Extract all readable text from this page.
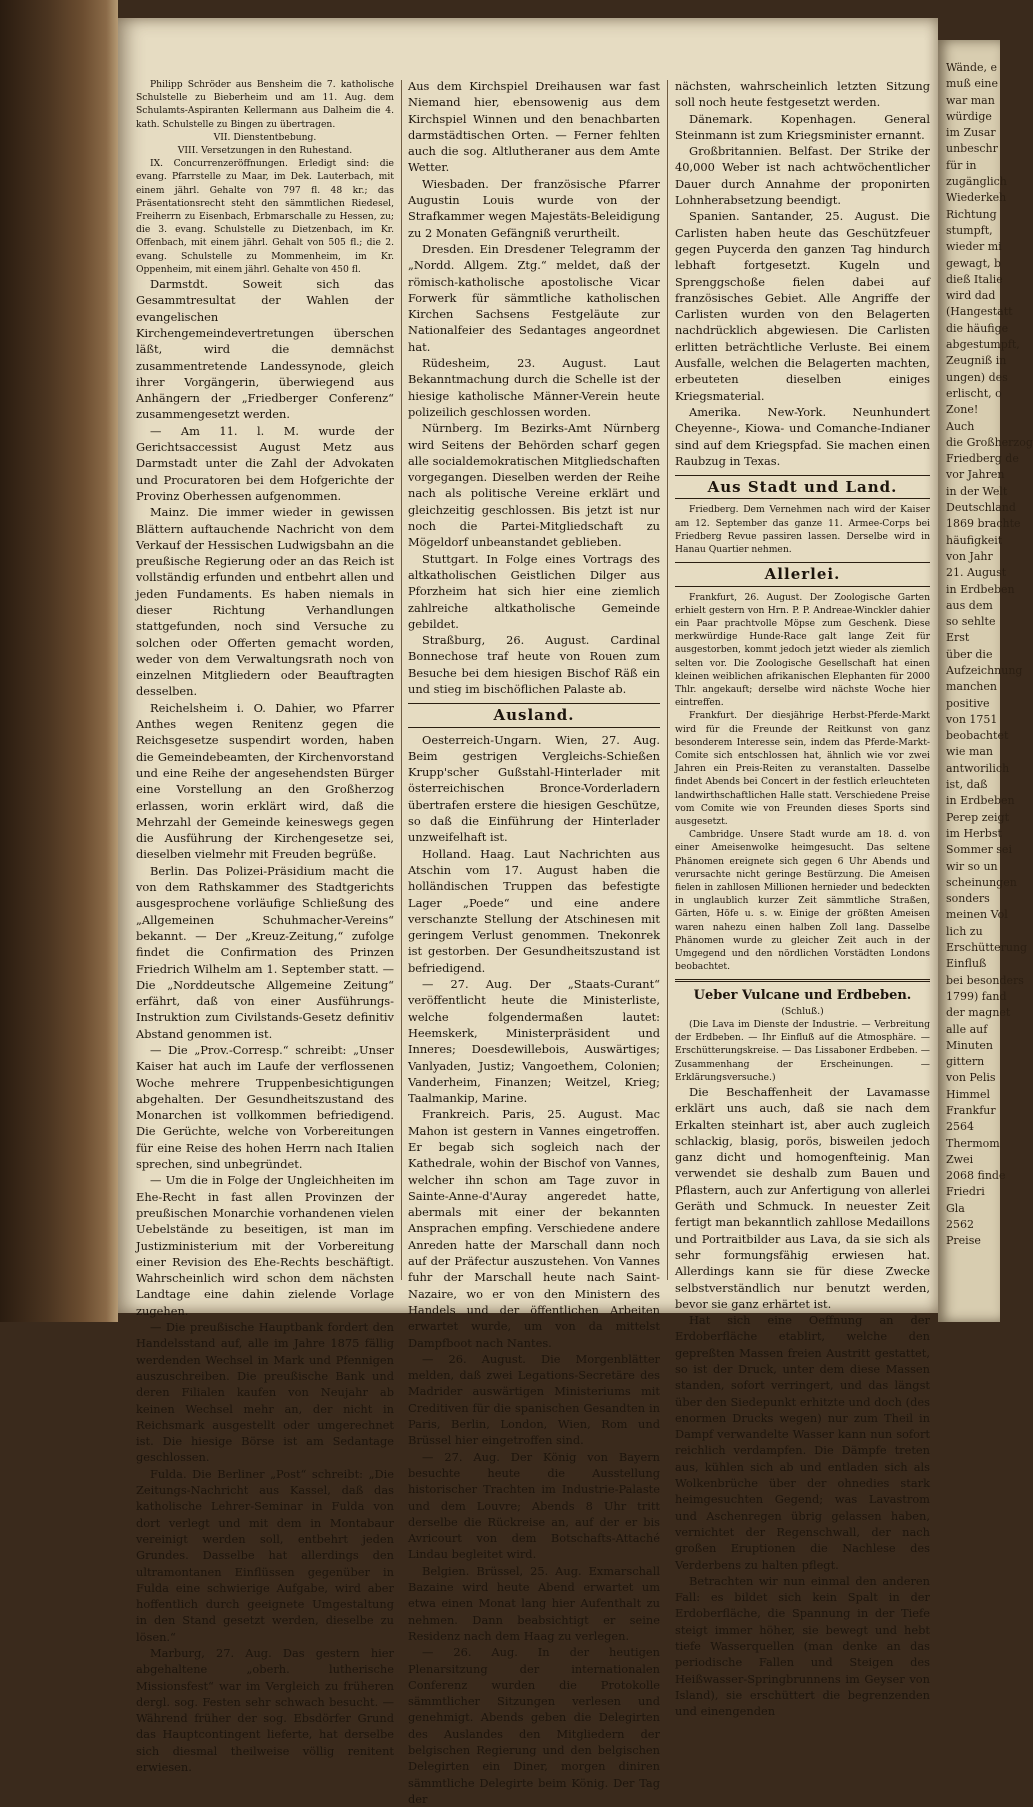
Philipp Schröder aus Bensheim die 7. katholische Schulstelle zu Bieberheim und am 11. Aug. dem Schulamts-Aspiranten Kellermann aus Dalheim die 4. kath. Schulstelle zu Bingen zu übertragen.

VII. Dienstentbebung.

VIII. Versetzungen in den Ruhestand.

IX. Concurrenzeröffnungen. Erledigt sind: die evang. Pfarrstelle zu Maar, im Dek. Lauterbach, mit einem jährl. Gehalte von 797 fl. 48 kr.; das Präsentationsrecht steht den sämmtlichen Riedesel, Freiherrn zu Eisenbach, Erbmarschalle zu Hessen, zu; die 3. evang. Schulstelle zu Dietzenbach, im Kr. Offenbach, mit einem jährl. Gehalt von 505 fl.; die 2. evang. Schulstelle zu Mommenheim, im Kr. Oppenheim, mit einem jährl. Gehalte von 450 fl.

Darmstdt. Soweit sich das Gesammtresultat der Wahlen der evangelischen Kirchengemeindevertretungen überschen läßt, wird die demnächst zusammentretende Landessynode, gleich ihrer Vorgängerin, überwiegend aus Anhängern der „Friedberger Conferenz“ zusammengesetzt werden.

— Am 11. l. M. wurde der Gerichtsaccessist August Metz aus Darmstadt unter die Zahl der Advokaten und Procuratoren bei dem Hofgerichte der Provinz Oberhessen aufgenommen.

Mainz. Die immer wieder in gewissen Blättern auftauchende Nachricht von dem Verkauf der Hessischen Ludwigsbahn an die preußische Regierung oder an das Reich ist vollständig erfunden und entbehrt allen und jeden Fundaments. Es haben niemals in dieser Richtung Verhandlungen stattgefunden, noch sind Versuche zu solchen oder Offerten gemacht worden, weder von dem Verwaltungsrath noch von einzelnen Mitgliedern oder Beauftragten desselben.

Reichelsheim i. O. Dahier, wo Pfarrer Anthes wegen Renitenz gegen die Reichsgesetze suspendirt worden, haben die Gemeindebeamten, der Kirchenvorstand und eine Reihe der angesehendsten Bürger eine Vorstellung an den Großherzog erlassen, worin erklärt wird, daß die Mehrzahl der Gemeinde keineswegs gegen die Ausführung der Kirchengesetze sei, dieselben vielmehr mit Freuden begrüße.

Berlin. Das Polizei-Präsidium macht die von dem Rathskammer des Stadtgerichts ausgesprochene vorläufige Schließung des „Allgemeinen Schuhmacher-Vereins“ bekannt. — Der „Kreuz-Zeitung,“ zufolge findet die Confirmation des Prinzen Friedrich Wilhelm am 1. September statt. — Die „Norddeutsche Allgemeine Zeitung“ erfährt, daß von einer Ausführungs-Instruktion zum Civilstands-Gesetz definitiv Abstand genommen ist.

— Die „Prov.-Corresp.“ schreibt: „Unser Kaiser hat auch im Laufe der verflossenen Woche mehrere Truppenbesichtigungen abgehalten. Der Gesundheitszustand des Monarchen ist vollkommen befriedigend. Die Gerüchte, welche von Vorbereitungen für eine Reise des hohen Herrn nach Italien sprechen, sind unbegründet.

— Um die in Folge der Ungleichheiten im Ehe-Recht in fast allen Provinzen der preußischen Monarchie vorhandenen vielen Uebelstände zu beseitigen, ist man im Justizministerium mit der Vorbereitung einer Revision des Ehe-Rechts beschäftigt. Wahrscheinlich wird schon dem nächsten Landtage eine dahin zielende Vorlage zugehen.

— Die preußische Hauptbank fordert den Handelsstand auf, alle im Jahre 1875 fällig werdenden Wechsel in Mark und Pfennigen auszuschreiben. Die preußische Bank und deren Filialen kaufen von Neujahr ab keinen Wechsel mehr an, der nicht in Reichsmark ausgestellt oder umgerechnet ist. Die hiesige Börse ist am Sedantage geschlossen.

Fulda. Die Berliner „Post“ schreibt: „Die Zeitungs-Nachricht aus Kassel, daß das katholische Lehrer-Seminar in Fulda von dort verlegt und mit dem in Montabaur vereinigt werden soll, entbehrt jeden Grundes. Dasselbe hat allerdings den ultramontanen Einflüssen gegenüber in Fulda eine schwierige Aufgabe, wird aber hoffentlich durch geeignete Umgestaltung in den Stand gesetzt werden, dieselbe zu lösen.“

Marburg, 27. Aug. Das gestern hier abgehaltene „oberh. lutherische Missionsfest“ war im Vergleich zu früheren dergl. sog. Festen sehr schwach besucht. — Während früher der sog. Ebsdörfer Grund das Hauptcontingent lieferte, hat derselbe sich diesmal theilweise völlig renitent erwiesen.

Aus dem Kirchspiel Dreihausen war fast Niemand hier, ebensowenig aus dem Kirchspiel Winnen und den benachbarten darmstädtischen Orten. — Ferner fehlten auch die sog. Altlutheraner aus dem Amte Wetter.

Wiesbaden. Der französische Pfarrer Augustin Louis wurde von der Strafkammer wegen Majestäts-Beleidigung zu 2 Monaten Gefängniß verurtheilt.

Dresden. Ein Dresdener Telegramm der „Nordd. Allgem. Ztg.“ meldet, daß der römisch-katholische apostolische Vicar Forwerk für sämmtliche katholischen Kirchen Sachsens Festgeläute zur Nationalfeier des Sedantages angeordnet hat.

Rüdesheim, 23. August. Laut Bekanntmachung durch die Schelle ist der hiesige katholische Männer-Verein heute polizeilich geschlossen worden.

Nürnberg. Im Bezirks-Amt Nürnberg wird Seitens der Behörden scharf gegen alle socialdemokratischen Mitgliedschaften vorgegangen. Dieselben werden der Reihe nach als politische Vereine erklärt und gleichzeitig geschlossen. Bis jetzt ist nur noch die Partei-Mitgliedschaft zu Mögeldorf unbeanstandet geblieben.

Stuttgart. In Folge eines Vortrags des altkatholischen Geistlichen Dilger aus Pforzheim hat sich hier eine ziemlich zahlreiche altkatholische Gemeinde gebildet.

Straßburg, 26. August. Cardinal Bonnechose traf heute von Rouen zum Besuche bei dem hiesigen Bischof Räß ein und stieg im bischöflichen Palaste ab.

Ausland.

Oesterreich-Ungarn. Wien, 27. Aug. Beim gestrigen Vergleichs-Schießen Krupp'scher Gußstahl-Hinterlader mit österreichischen Bronce-Vorderladern übertrafen erstere die hiesigen Geschütze, so daß die Einführung der Hinterlader unzweifelhaft ist.

Holland. Haag. Laut Nachrichten aus Atschin vom 17. August haben die holländischen Truppen das befestigte Lager „Poede“ und eine andere verschanzte Stellung der Atschinesen mit geringem Verlust genommen. Tnekonrek ist gestorben. Der Gesundheitszustand ist befriedigend.

— 27. Aug. Der „Staats-Curant“ veröffentlicht heute die Ministerliste, welche folgendermaßen lautet: Heemskerk, Ministerpräsident und Inneres; Doesdewillebois, Auswärtiges; Vanlyaden, Justiz; Vangoethem, Colonien; Vanderheim, Finanzen; Weitzel, Krieg; Taalmankip, Marine.

Frankreich. Paris, 25. August. Mac Mahon ist gestern in Vannes eingetroffen. Er begab sich sogleich nach der Kathedrale, wohin der Bischof von Vannes, welcher ihn schon am Tage zuvor in Sainte-Anne-d'Auray angeredet hatte, abermals mit einer der bekannten Ansprachen empfing. Verschiedene andere Anreden hatte der Marschall dann noch auf der Präfectur auszustehen. Von Vannes fuhr der Marschall heute nach Saint-Nazaire, wo er von den Ministern des Handels und der öffentlichen Arbeiten erwartet wurde, um von da mittelst Dampfboot nach Nantes.

— 26. August. Die Morgenblätter melden, daß zwei Legations-Secretäre des Madrider auswärtigen Ministeriums mit Creditiven für die spanischen Gesandten in Paris, Berlin, London, Wien, Rom und Brüssel hier eingetroffen sind.

— 27. Aug. Der König von Bayern besuchte heute die Ausstellung historischer Trachten im Industrie-Palaste und dem Louvre; Abends 8 Uhr tritt derselbe die Rückreise an, auf der er bis Avricourt von dem Botschafts-Attaché Lindau begleitet wird.

Belgien. Brüssel, 25. Aug. Exmarschall Bazaine wird heute Abend erwartet um etwa einen Monat lang hier Aufenthalt zu nehmen. Dann beabsichtigt er seine Residenz nach dem Haag zu verlegen.

— 26. Aug. In der heutigen Plenarsitzung der internationalen Conferenz wurden die Protokolle sämmtlicher Sitzungen verlesen und genehmigt. Abends geben die Delegirten des Auslandes den Mitgliedern der belgischen Regierung und den belgischen Delegirten ein Diner, morgen diniren sämmtliche Delegirte beim König. Der Tag der

nächsten, wahrscheinlich letzten Sitzung soll noch heute festgesetzt werden.

Dänemark. Kopenhagen. General Steinmann ist zum Kriegsminister ernannt.

Großbritannien. Belfast. Der Strike der 40,000 Weber ist nach achtwöchentlicher Dauer durch Annahme der proponirten Lohnherabsetzung beendigt.

Spanien. Santander, 25. August. Die Carlisten haben heute das Geschützfeuer gegen Puycerda den ganzen Tag hindurch lebhaft fortgesetzt. Kugeln und Sprenggschoße fielen dabei auf französisches Gebiet. Alle Angriffe der Carlisten wurden von den Belagerten nachdrücklich abgewiesen. Die Carlisten erlitten beträchtliche Verluste. Bei einem Ausfalle, welchen die Belagerten machten, erbeuteten dieselben einiges Kriegsmaterial.

Amerika. New-York. Neunhundert Cheyenne-, Kiowa- und Comanche-Indianer sind auf dem Kriegspfad. Sie machen einen Raubzug in Texas.

Aus Stadt und Land.

Friedberg. Dem Vernehmen nach wird der Kaiser am 12. September das ganze 11. Armee-Corps bei Friedberg Revue passiren lassen. Derselbe wird in Hanau Quartier nehmen.

Allerlei.

Frankfurt, 26. August. Der Zoologische Garten erhielt gestern von Hrn. P. P. Andreae-Winckler dahier ein Paar prachtvolle Möpse zum Geschenk. Diese merkwürdige Hunde-Race galt lange Zeit für ausgestorben, kommt jedoch jetzt wieder als ziemlich selten vor. Die Zoologische Gesellschaft hat einen kleinen weiblichen afrikanischen Elephanten für 2000 Thlr. angekauft; derselbe wird nächste Woche hier eintreffen.

Frankfurt. Der diesjährige Herbst-Pferde-Markt wird für die Freunde der Reitkunst von ganz besonderem Interesse sein, indem das Pferde-Markt-Comite sich entschlossen hat, ähnlich wie vor zwei Jahren ein Preis-Reiten zu veranstalten. Dasselbe findet Abends bei Concert in der festlich erleuchteten landwirthschaftlichen Halle statt. Verschiedene Preise vom Comite wie von Freunden dieses Sports sind ausgesetzt.

Cambridge. Unsere Stadt wurde am 18. d. von einer Ameisenwolke heimgesucht. Das seltene Phänomen ereignete sich gegen 6 Uhr Abends und verursachte nicht geringe Bestürzung. Die Ameisen fielen in zahllosen Millionen hernieder und bedeckten in unglaublich kurzer Zeit sämmtliche Straßen, Gärten, Höfe u. s. w. Einige der größten Ameisen waren nahezu einen halben Zoll lang. Dasselbe Phänomen wurde zu gleicher Zeit auch in der Umgegend und den nördlichen Vorstädten Londons beobachtet.

Ueber Vulcane und Erdbeben.

(Schluß.)

(Die Lava im Dienste der Industrie. — Verbreitung der Erdbeben. — Ihr Einfluß auf die Atmosphäre. — Erschütterungskreise. — Das Lissaboner Erdbeben. — Zusammenhang der Erscheinungen. — Erklärungsversuche.)

Die Beschaffenheit der Lavamasse erklärt uns auch, daß sie nach dem Erkalten steinhart ist, aber auch zugleich schlackig, blasig, porös, bisweilen jedoch ganz dicht und homogenfteinig. Man verwendet sie deshalb zum Bauen und Pflastern, auch zur Anfertigung von allerlei Geräth und Schmuck. In neuester Zeit fertigt man bekanntlich zahllose Medaillons und Portraitbilder aus Lava, da sie sich als sehr formungsfähig erwiesen hat. Allerdings kann sie für diese Zwecke selbstverständlich nur benutzt werden, bevor sie ganz erhärtet ist.

Hat sich eine Oeffnung an der Erdoberfläche etablirt, welche den gepreßten Massen freien Austritt gestattet, so ist der Druck, unter dem diese Massen standen, sofort verringert, und das längst über den Siedepunkt erhitzte und doch (des enormen Drucks wegen) nur zum Theil in Dampf verwandelte Wasser kann nun sofort reichlich verdampfen. Die Dämpfe treten aus, kühlen sich ab und entladen sich als Wolkenbrüche über der ohnedies stark heimgesuchten Gegend; was Lavastrom und Aschenregen übrig gelassen haben, vernichtet der Regenschwall, der nach großen Eruptionen die Nachlese des Verderbens zu halten pflegt.

Betrachten wir nun einmal den anderen Fall: es bildet sich kein Spalt in der Erdoberfläche, die Spannung in der Tiefe steigt immer höher, sie bewegt und hebt tiefe Wasserquellen (man denke an das periodische Fallen und Steigen des Heißwasser-Springbrunnens im Geyser von Island), sie erschüttert die begrenzenden und einengenden

Wände, e
muß eine
war man
würdige
im Zusar
unbeschr
für in
zugänglich
Wiederkeh
Richtung
stumpft,
wieder mi
gewagt, b
dieß Italie
wird dad
(Hangestatt
die häufige
abgestumpft,
Zeugniß in
ungen) des
erlischt, o
Zone!
Auch
die Großherzog
Friedberg de
vor Jahren
in der Welt
Deutschland
1869 brachte
häufigkeit
von Jahr
21. August
in Erdbeben
aus dem
so sehlte
Erst
über die
Aufzeichnung
manchen
positive
von 1751
beobachtet
wie man
antworilich
ist, daß
in Erdbeben
Perep zeigt
im Herbst
Sommer sei
wir so un
scheinungen
sonders
meinen Vol
lich zu
Erschütterung
Einfluß
bei besonders
1799) fand
der magnet
alle auf
Minuten
gittern
von Pelis
Himmel
Frankfur
2564
Thermom
Zwei
2068 finde
Friedri
Gla
2562
Preise
